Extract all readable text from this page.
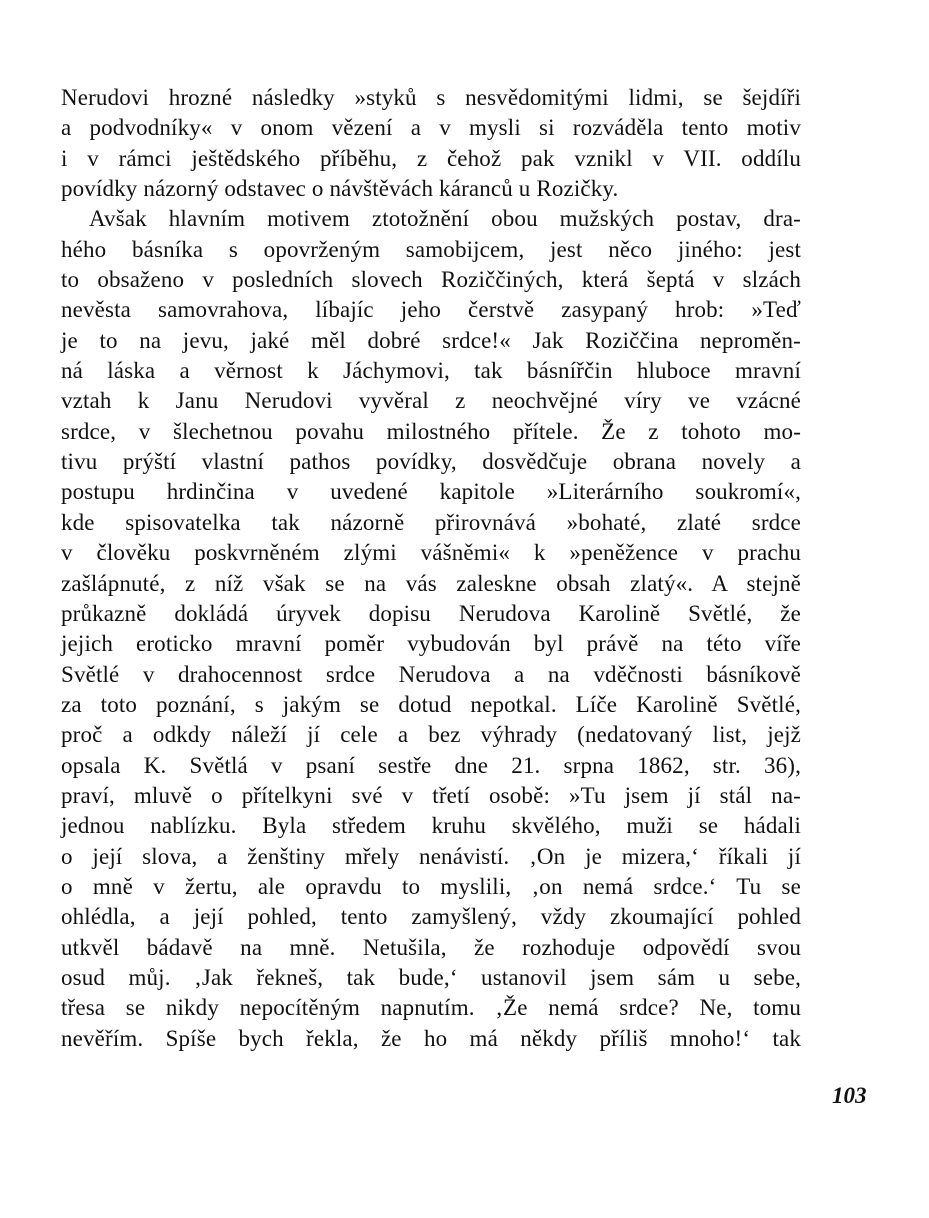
Nerudovi hrozné následky »styků s nesvědomitými lidmi, se šejdíři
a podvodníky« v onom vězení a v mysli si rozváděla tento motiv
i v rámci ještědského příběhu, z čehož pak vznikl v VII. oddílu
povídky názorný odstavec o návštěvách káranců u Rozičky.
Avšak hlavním motivem ztotožnění obou mužských postav, dra-
hého básníka s opovrženým samobijcem, jest něco jiného: jest
to obsaženo v posledních slovech Roziččiných, která šeptá v slzách
nevěsta samovrahova, líbajíc jeho čerstvě zasypaný hrob: »Teď
je to na jevu, jaké měl dobré srdce!« Jak Roziččina neproměn-
ná láska a věrnost k Jáchymovi, tak básnířčin hluboce mravní
vztah k Janu Nerudovi vyvěral z neochvějné víry ve vzácné
srdce, v šlechetnou povahu milostného přítele. Že z tohoto mo-
tivu prýští vlastní pathos povídky, dosvědčuje obrana novely a
postupu hrdinčina v uvedené kapitole »Literárního soukromí«,
kde spisovatelka tak názorně přirovnává »bohaté, zlaté srdce
v člověku poskvrněném zlými vášněmi« k »peněžence v prachu
zašlápnuté, z níž však se na vás zaleskne obsah zlatý«. A stejně
průkazně dokládá úryvek dopisu Nerudova Karolině Světlé, že
jejich eroticko mravní poměr vybudován byl právě na této víře
Světlé v drahocennost srdce Nerudova a na vděčnosti básníkově
za toto poznání, s jakým se dotud nepotkal. Líče Karolině Světlé,
proč a odkdy náleží jí cele a bez výhrady (nedatovaný list, jejž
opsala K. Světlá v psaní sestře dne 21. srpna 1862, str. 36),
praví, mluvě o přítelkyni své v třetí osobě: »Tu jsem jí stál na-
jednou nablízku. Byla středem kruhu skvělého, muži se hádali
o její slova, a ženštiny mřely nenávistí. ‚On je mizera,‘ říkali jí
o mně v žertu, ale opravdu to myslili, ‚on nemá srdce.‘ Tu se
ohlédla, a její pohled, tento zamyšlený, vždy zkoumající pohled
utkvěl bádavě na mně. Netušila, že rozhoduje odpovědí svou
osud můj. ‚Jak řekneš, tak bude,‘ ustanovil jsem sám u sebe,
třesa se nikdy nepocítěným napnutím. ‚Že nemá srdce? Ne, tomu
nevěřím. Spíše bych řekla, že ho má někdy příliš mnoho!‘ tak
103
